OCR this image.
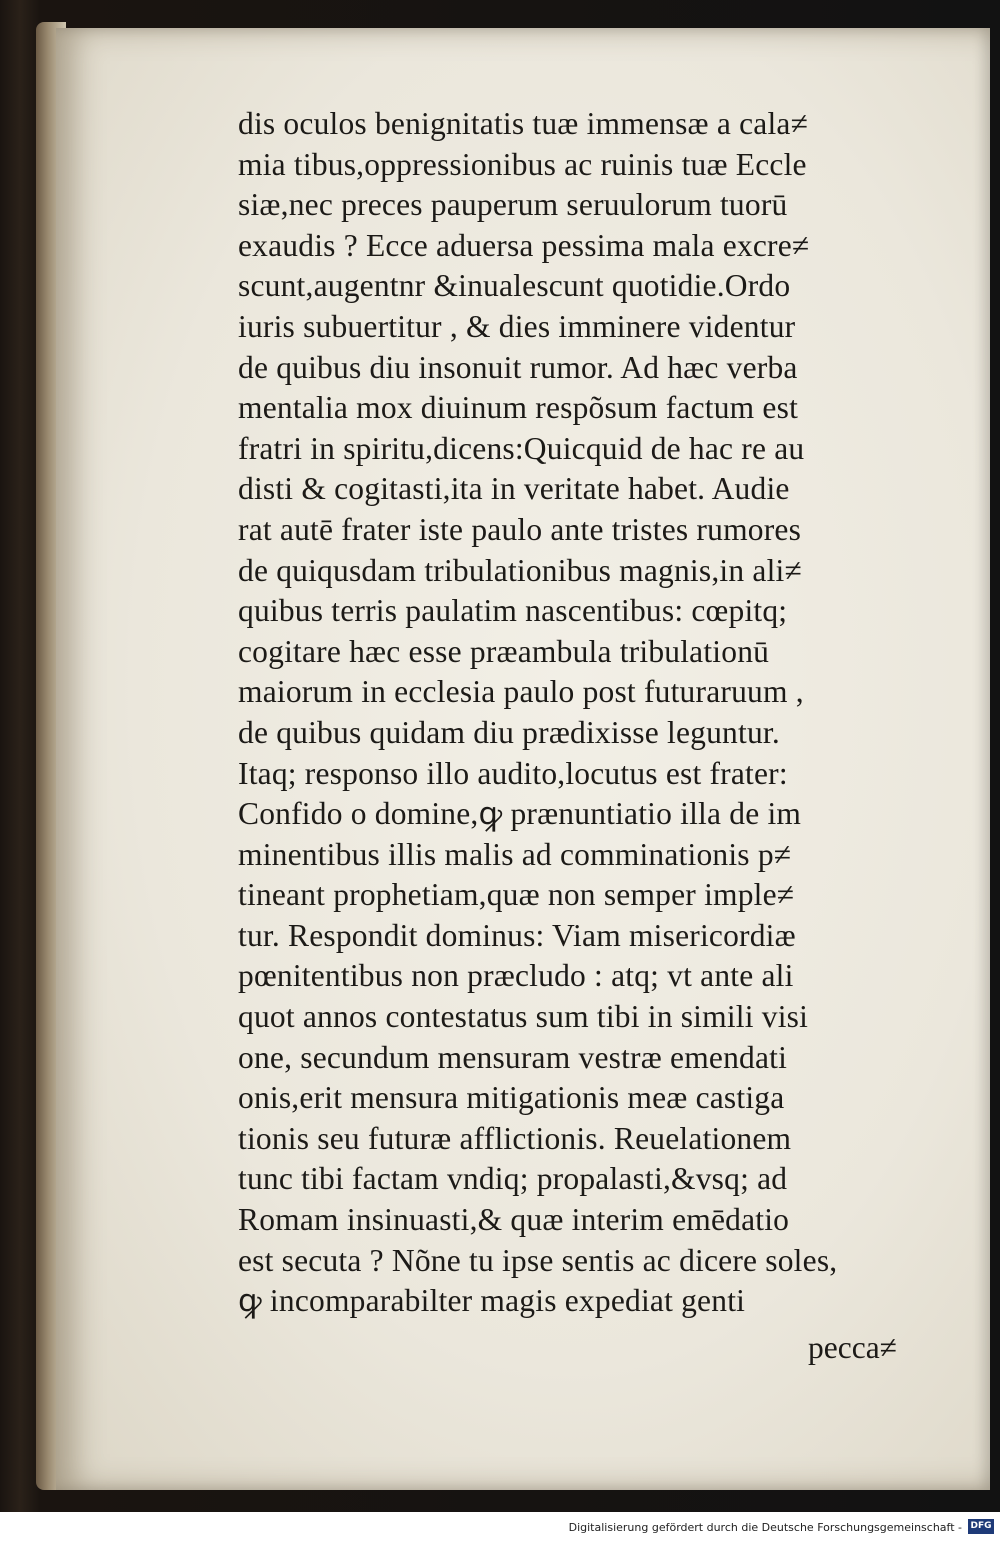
dis oculos benignitatis tuæ immensæ a cala≠
mia tibus,oppressionibus ac ruinis tuæ Eccle
siæ,nec preces pauperum seruulorum tuorū
exaudis ? Ecce aduersa pessima mala excre≠
scunt,augentnr &inualescunt quotidie.Ordo
iuris subuertitur , & dies imminere videntur
de quibus diu insonuit rumor. Ad hæc verba
mentalia mox diuinum respõsum factum est
fratri in spiritu,dicens:Quicquid de hac re au
disti & cogitasti,ita in veritate habet. Audie
rat autē frater iste paulo ante tristes rumores
de quiqusdam tribulationibus magnis,in ali≠
quibus terris paulatim nascentibus: cœpitq;
cogitare hæc esse præambula tribulationū
maiorum in ecclesia paulo post futuraruum ,
de quibus quidam diu prædixisse leguntur.
Itaq; responso illo audito,locutus est frater:
Confido o domine,ꝙ prænuntiatio illa de im
minentibus illis malis ad comminationis p≠
tineant prophetiam,quæ non semper imple≠
tur. Respondit dominus: Viam misericordiæ
pœnitentibus non præcludo : atq; vt ante ali
quot annos contestatus sum tibi in simili visi
one, secundum mensuram vestræ emendati
onis,erit mensura mitigationis meæ castiga
tionis seu futuræ afflictionis. Reuelationem
tunc tibi factam vndiq; propalasti,&vsq; ad
Romam insinuasti,& quæ interim emēdatio
est secuta ? Nõne tu ipse sentis ac dicere soles,
ꝙ incomparabilter magis expediat genti
pecca≠
Digitalisierung gefördert durch die Deutsche Forschungsgemeinschaft - DFG
